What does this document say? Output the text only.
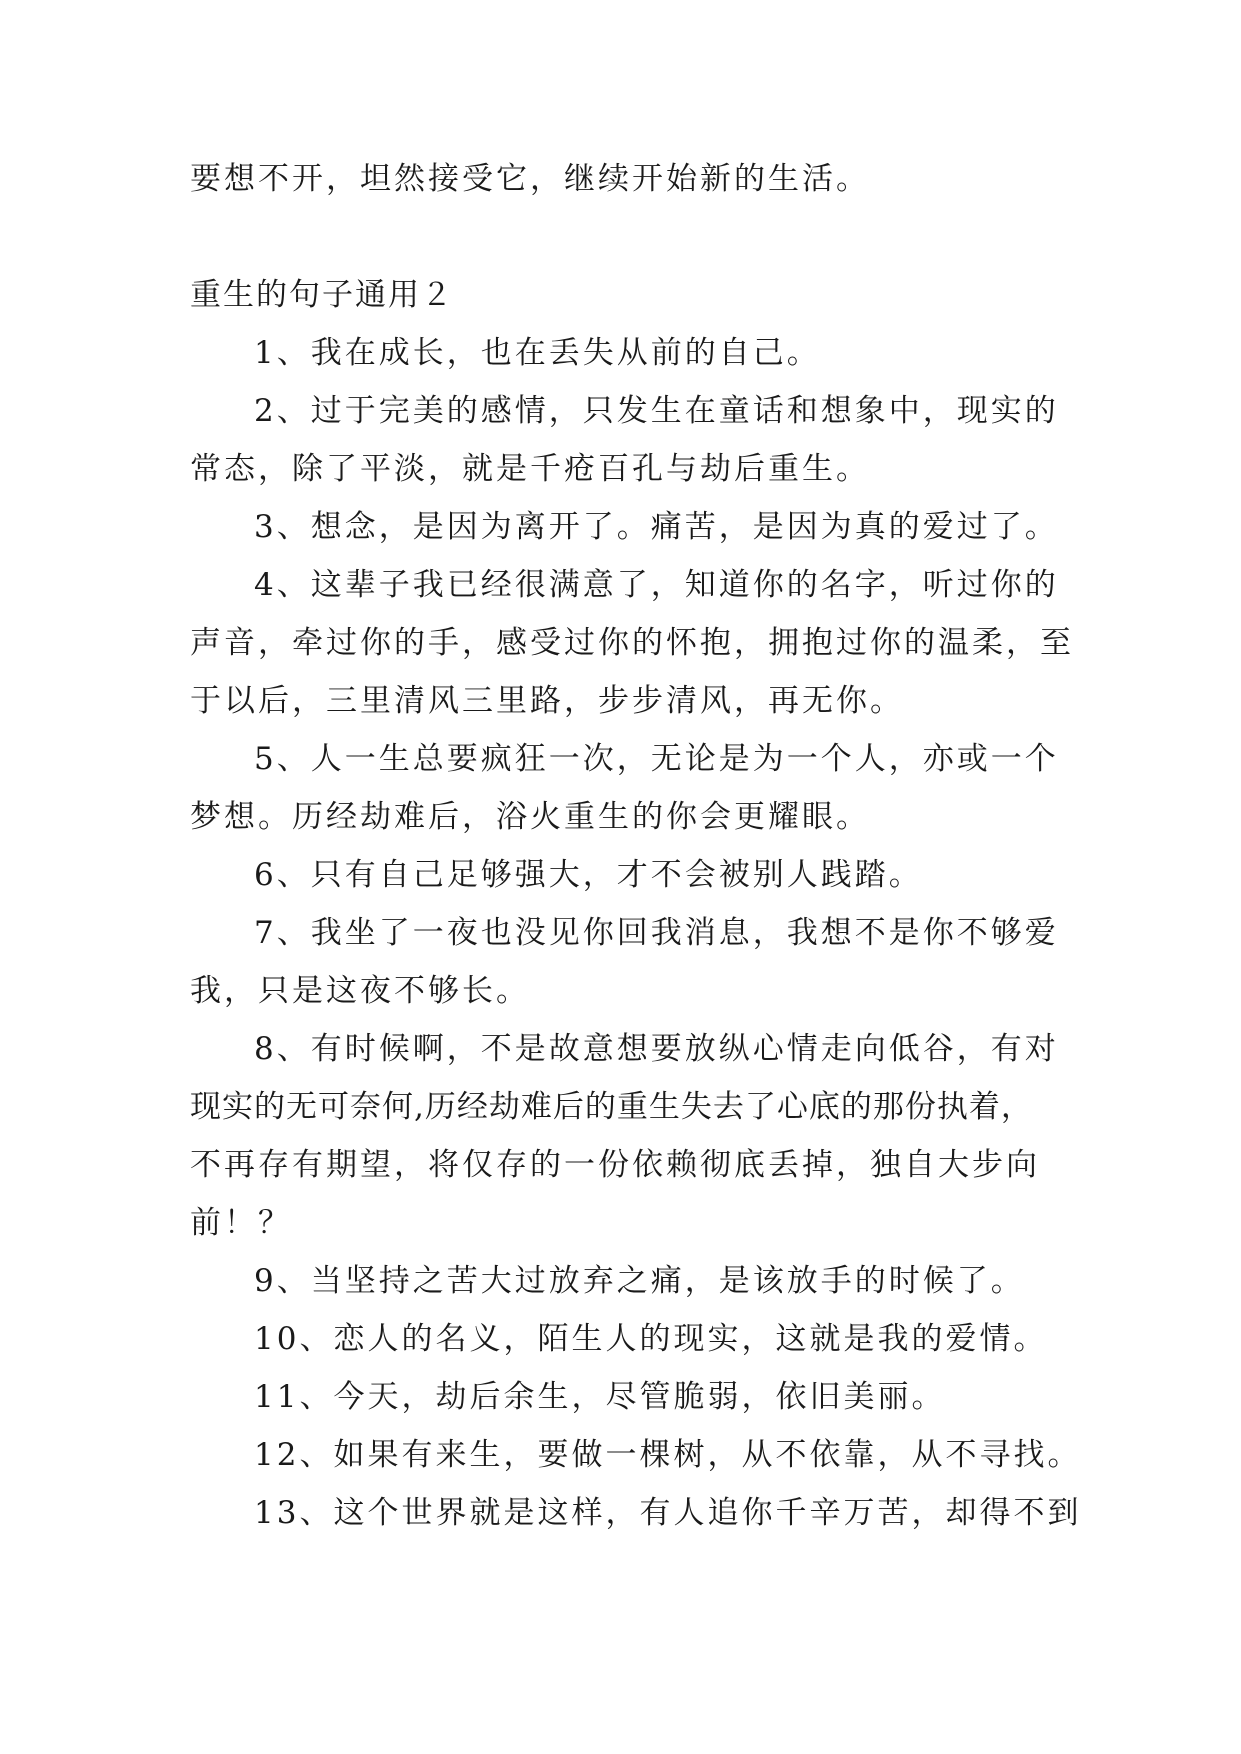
要想不开，坦然接受它，继续开始新的生活。
重生的句子通用２
1、我在成长，也在丢失从前的自己。
2、过于完美的感情，只发生在童话和想象中，现实的
常态，除了平淡，就是千疮百孔与劫后重生。
3、想念，是因为离开了。痛苦，是因为真的爱过了。
4、这辈子我已经很满意了，知道你的名字，听过你的
声音，牵过你的手，感受过你的怀抱，拥抱过你的温柔，至
于以后，三里清风三里路，步步清风，再无你。
5、人一生总要疯狂一次，无论是为一个人，亦或一个
梦想。历经劫难后，浴火重生的你会更耀眼。
6、只有自己足够强大，才不会被别人践踏。
7、我坐了一夜也没见你回我消息，我想不是你不够爱
我，只是这夜不够长。
8、有时候啊，不是故意想要放纵心情走向低谷，有对
现实的无可奈何,历经劫难后的重生失去了心底的那份执着，
不再存有期望，将仅存的一份依赖彻底丢掉，独自大步向
前！？
9、当坚持之苦大过放弃之痛，是该放手的时候了。
10、恋人的名义，陌生人的现实，这就是我的爱情。
11、今天，劫后余生，尽管脆弱，依旧美丽。
12、如果有来生，要做一棵树，从不依靠，从不寻找。
13、这个世界就是这样，有人追你千辛万苦，却得不到
